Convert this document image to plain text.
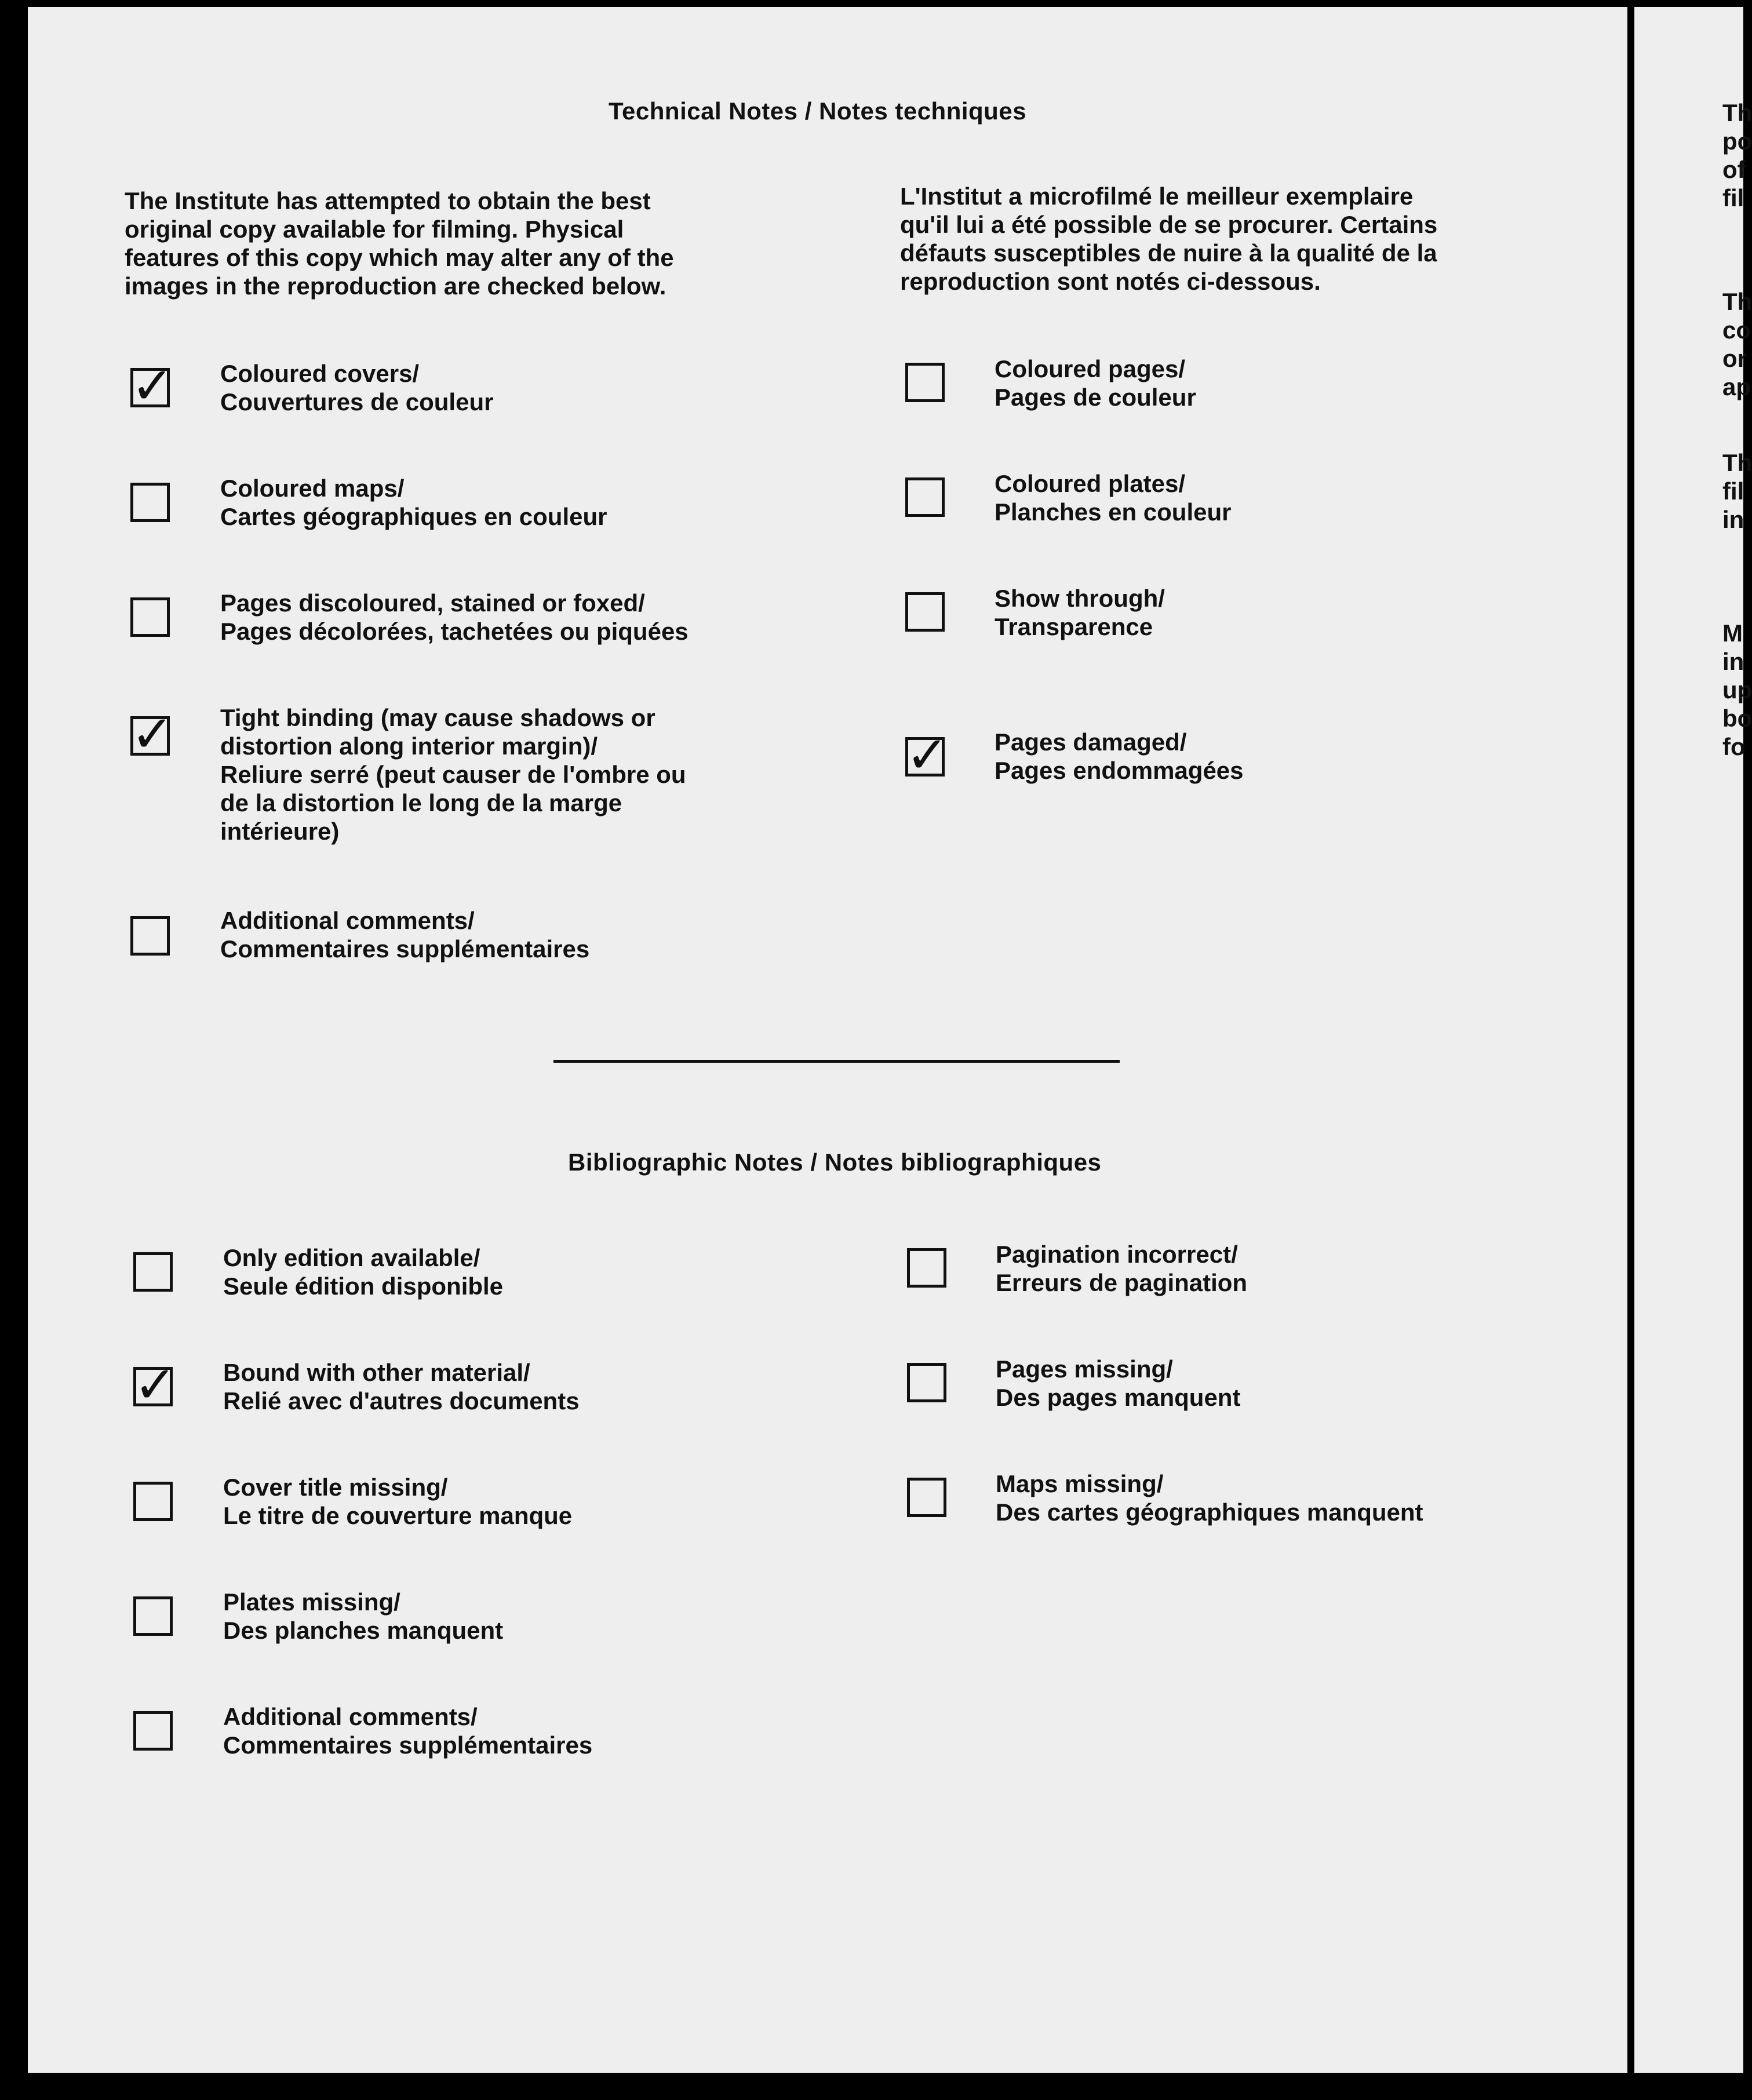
Technical Notes / Notes techniques
The Institute has attempted to obtain the best
original copy available for filming. Physical
features of this copy which may alter any of the
images in the reproduction are checked below.
L'Institut a microfilmé le meilleur exemplaire
qu'il lui a été possible de se procurer. Certains
défauts susceptibles de nuire à la qualité de la
reproduction sont notés ci-dessous.
✓ Coloured covers/
Couvertures de couleur
Coloured maps/
Cartes géographiques en couleur
Pages discoloured, stained or foxed/
Pages décolorées, tachetées ou piquées
✓ Tight binding (may cause shadows or
distortion along interior margin)/
Reliure serré (peut causer de l'ombre ou
de la distortion le long de la marge
intérieure)
Additional comments/
Commentaires supplémentaires
Coloured pages/
Pages de couleur
Coloured plates/
Planches en couleur
Show through/
Transparence
✓ Pages damaged/
Pages endommagées
Bibliographic Notes / Notes bibliographiques
Only edition available/
Seule édition disponible
✓ Bound with other material/
Relié avec d'autres documents
Cover title missing/
Le titre de couverture manque
Plates missing/
Des planches manquent
Additional comments/
Commentaires supplémentaires
Pagination incorrect/
Erreurs de pagination
Pages missing/
Des pages manquent
Maps missing/
Des cartes géographiques manquent
Th
po
of
fil
Th
co
or
ap
Th
fil
in
M
in
up
bo
fo
